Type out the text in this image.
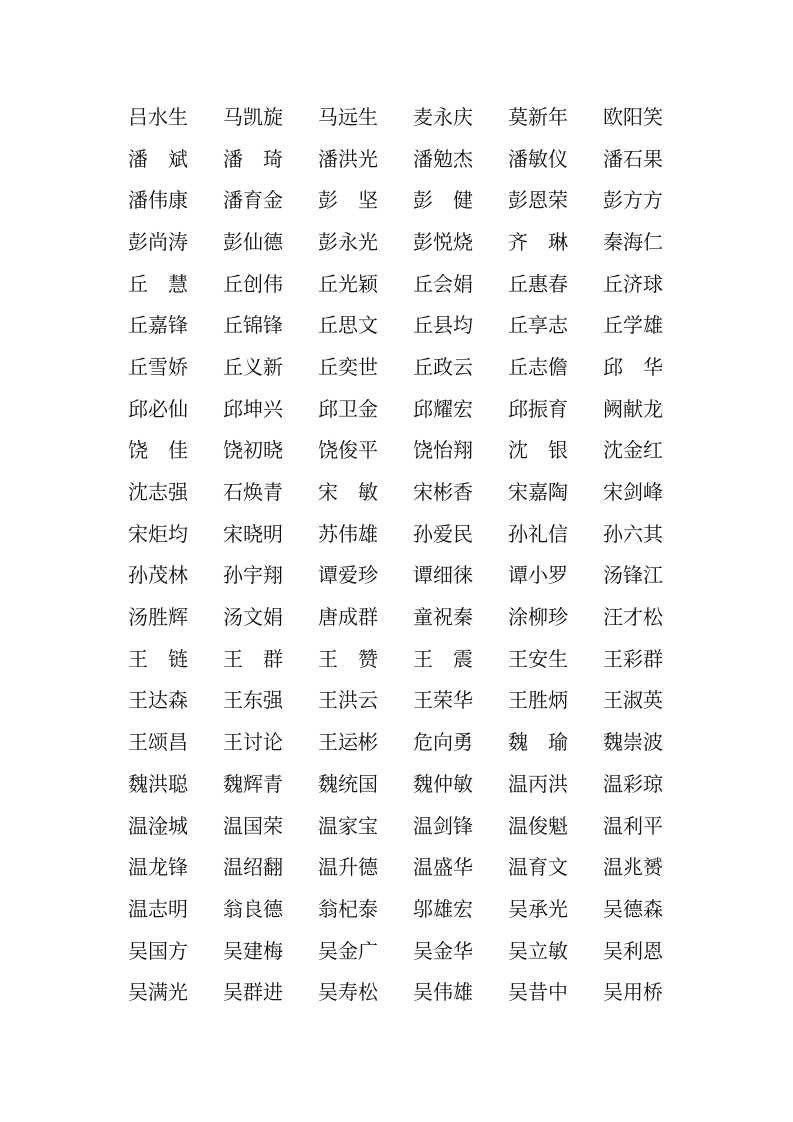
吕水生	马凯旋	马远生	麦永庆	莫新年	欧阳笑
潘　斌	潘　琦	潘洪光	潘勉杰	潘敏仪	潘石果
潘伟康	潘育金	彭　坚	彭　健	彭恩荣	彭方方
彭尚涛	彭仙德	彭永光	彭悦烧	齐　琳	秦海仁
丘　慧	丘创伟	丘光颖	丘会娟	丘惠春	丘济球
丘嘉锋	丘锦锋	丘思文	丘县均	丘享志	丘学雄
丘雪娇	丘义新	丘奕世	丘政云	丘志儋	邱　华
邱必仙	邱坤兴	邱卫金	邱耀宏	邱振育	阙献龙
饶　佳	饶初晓	饶俊平	饶怡翔	沈　银	沈金红
沈志强	石焕青	宋　敏	宋彬香	宋嘉陶	宋剑峰
宋炬均	宋晓明	苏伟雄	孙爱民	孙礼信	孙六其
孙茂林	孙宇翔	谭爱珍	谭细徕	谭小罗	汤锋江
汤胜辉	汤文娟	唐成群	童祝秦	涂柳珍	汪才松
王　链	王　群	王　赞	王　震	王安生	王彩群
王达森	王东强	王洪云	王荣华	王胜炳	王淑英
王颂昌	王讨论	王运彬	危向勇	魏　瑜	魏崇波
魏洪聪	魏辉青	魏统国	魏仲敏	温丙洪	温彩琼
温淦城	温国荣	温家宝	温剑锋	温俊魁	温利平
温龙锋	温绍翻	温升德	温盛华	温育文	温兆赟
温志明	翁良德	翁杞泰	邬雄宏	吴承光	吴德森
吴国方	吴建梅	吴金广	吴金华	吴立敏	吴利恩
吴满光	吴群进	吴寿松	吴伟雄	吴昔中	吴用桥
